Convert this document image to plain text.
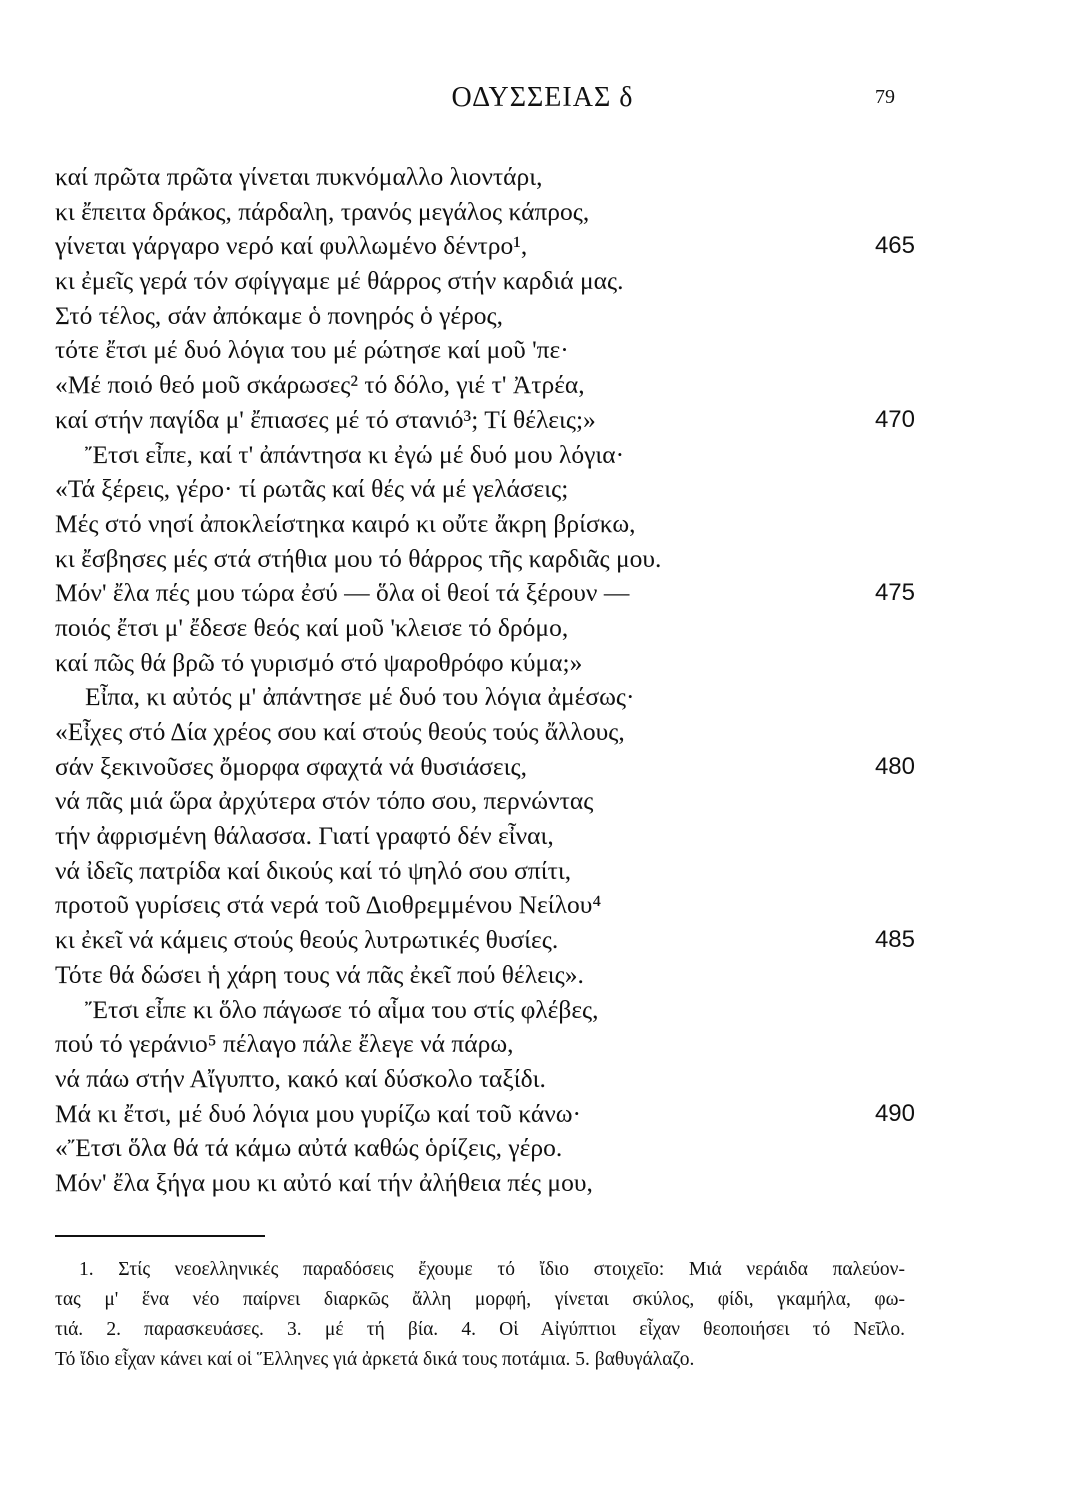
ΟΔΥΣΣΕΙΑΣ δ	79
καί πρῶτα πρῶτα γίνεται πυκνόμαλλο λιοντάρι,
κι ἔπειτα δράκος, πάρδαλη, τρανός μεγάλος κάπρος,
γίνεται γάργαρο νερό καί φυλλωμένο δέντρο¹,	465
κι ἐμεῖς γερά τόν σφίγγαμε μέ θάρρος στήν καρδιά μας.
Στό τέλος, σάν ἀπόκαμε ὁ πονηρός ὁ γέρος,
τότε ἔτσι μέ δυό λόγια του μέ ρώτησε καί μοῦ 'πε·
«Μέ ποιό θεό μοῦ σκάρωσες² τό δόλο, γιέ τ' Ἀτρέα,
καί στήν παγίδα μ' ἔπιασες μέ τό στανιό³; Τί θέλεις;»	470
Ἔτσι εἶπε, καί τ' ἀπάντησα κι ἐγώ μέ δυό μου λόγια·
«Τά ξέρεις, γέρο· τί ρωτᾶς καί θές νά μέ γελάσεις;
Μές στό νησί ἀποκλείστηκα καιρό κι οὔτε ἄκρη βρίσκω,
κι ἔσβησες μές στά στήθια μου τό θάρρος τῆς καρδιᾶς μου.
Μόν' ἔλα πές μου τώρα ἐσύ — ὅλα οἱ θεοί τά ξέρουν —	475
ποιός ἔτσι μ' ἔδεσε θεός καί μοῦ 'κλεισε τό δρόμο,
καί πῶς θά βρῶ τό γυρισμό στό ψαροθρόφο κύμα;»
Εἶπα, κι αὐτός μ' ἀπάντησε μέ δυό του λόγια ἀμέσως·
«Εἶχες στό Δία χρέος σου καί στούς θεούς τούς ἄλλους,
σάν ξεκινοῦσες ὄμορφα σφαχτά νά θυσιάσεις,	480
νά πᾶς μιά ὥρα ἀρχύτερα στόν τόπο σου, περνώντας
τήν ἀφρισμένη θάλασσα. Γιατί γραφτό δέν εἶναι,
νά ἰδεῖς πατρίδα καί δικούς καί τό ψηλό σου σπίτι,
προτοῦ γυρίσεις στά νερά τοῦ Διοθρεμμένου Νείλου⁴
κι ἐκεῖ νά κάμεις στούς θεούς λυτρωτικές θυσίες.	485
Τότε θά δώσει ἡ χάρη τους νά πᾶς ἐκεῖ πού θέλεις».
Ἔτσι εἶπε κι ὅλο πάγωσε τό αἷμα του στίς φλέβες,
πού τό γεράνιο⁵ πέλαγο πάλε ἔλεγε νά πάρω,
νά πάω στήν Αἴγυπτο, κακό καί δύσκολο ταξίδι.
Μά κι ἔτσι, μέ δυό λόγια μου γυρίζω καί τοῦ κάνω·	490
«Ἔτσι ὅλα θά τά κάμω αὐτά καθώς ὁρίζεις, γέρο.
Μόν' ἔλα ξήγα μου κι αὐτό καί τήν ἀλήθεια πές μου,
1. Στίς νεοελληνικές παραδόσεις ἔχουμε τό ἴδιο στοιχεῖο: Μιά νεράιδα παλεύον-
τας μ' ἕνα νέο παίρνει διαρκῶς ἄλλη μορφή, γίνεται σκύλος, φίδι, γκαμήλα, φω-
τιά. 2. παρασκευάσες. 3. μέ τή βία. 4. Οἱ Αἰγύπτιοι εἶχαν θεοποιήσει τό Νεῖλο.
Τό ἴδιο εἶχαν κάνει καί οἱ Ἕλληνες γιά ἀρκετά δικά τους ποτάμια. 5. βαθυγάλαζο.
